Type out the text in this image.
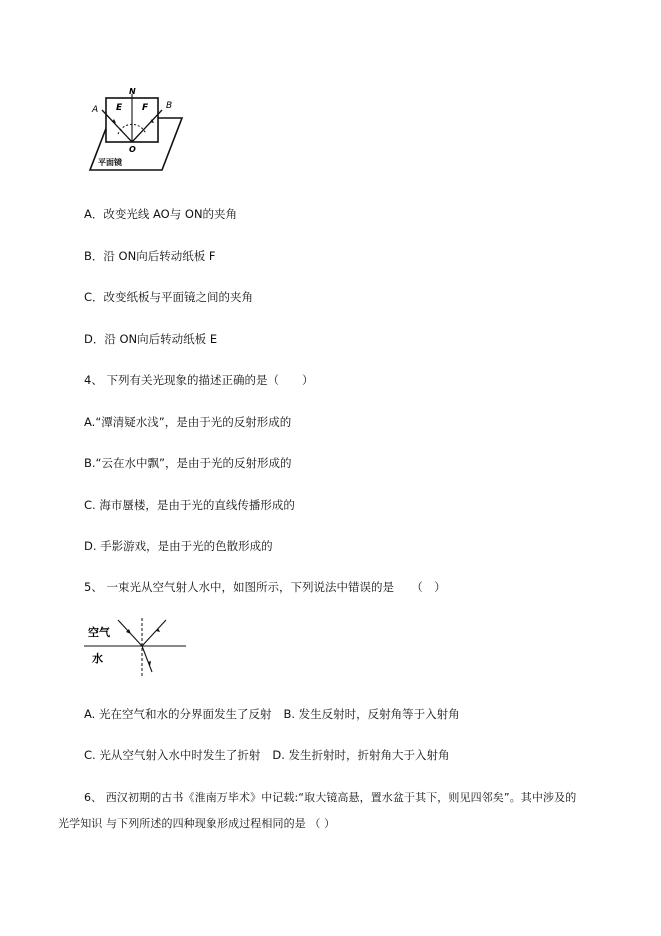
N
A	B
E F
O
平面镜
A．改变光线 AO与 ON的夹角
B．沿 ON向后转动纸板 F
C．改变纸板与平面镜之间的夹角
D．沿 ON向后转动纸板 E
4、 下列有关光现象的描述正确的是（　　）
A.“潭清疑水浅”，是由于光的反射形成的
B.“云在水中飘”，是由于光的反射形成的
C. 海市蜃楼，是由于光的直线传播形成的
D. 手影游戏，是由于光的色散形成的
5、 一束光从空气射人水中，如图所示，下列说法中错误的是　　（　）
空气
水
A. 光在空气和水的分界面发生了反射 B. 发生反射时，反射角等于入射角
C. 光从空气射入水中时发生了折射 D. 发生折射时，折射角大于入射角
6、 西汉初期的古书《淮南万毕术》中记载:“取大镜高悬，置水盆于其下，则见四邻矣”。其中涉及的
光学知识 与下列所述的四种现象形成过程相同的是 （ ）
